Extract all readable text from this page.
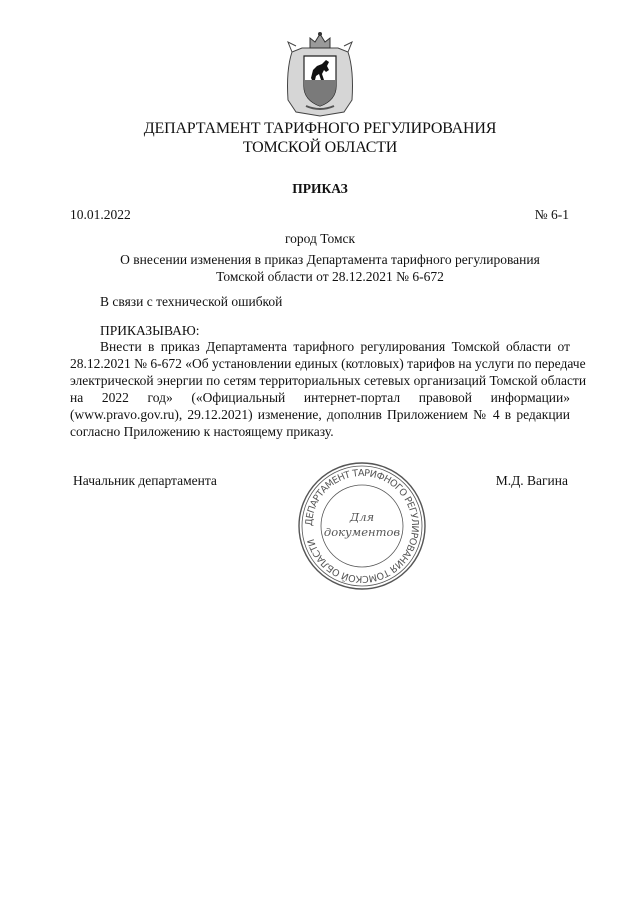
ДЕПАРТАМЕНТ ТАРИФНОГО РЕГУЛИРОВАНИЯ
ТОМСКОЙ ОБЛАСТИ
ПРИКАЗ
10.01.2022	№ 6-1
город Томск
О внесении изменения в приказ Департамента тарифного регулирования Томской области от 28.12.2021 № 6-672
В связи с технической ошибкой
ПРИКАЗЫВАЮ:
Внести в приказ Департамента тарифного регулирования Томской области от
28.12.2021 № 6-672 «Об установлении единых (котловых) тарифов на услуги по передаче
электрической энергии по сетям территориальных сетевых организаций Томской области
на 2022 год» («Официальный интернет-портал правовой информации»
(www.pravo.gov.ru), 29.12.2021) изменение, дополнив Приложением № 4 в редакции
согласно Приложению к настоящему приказу.
Начальник департамента	М.Д. Вагина
ДЕПАРТАМЕНТ ТАРИФНОГО РЕГУЛИРОВАНИЯ ТОМСКОЙ ОБЛАСТИ
Для
документов
